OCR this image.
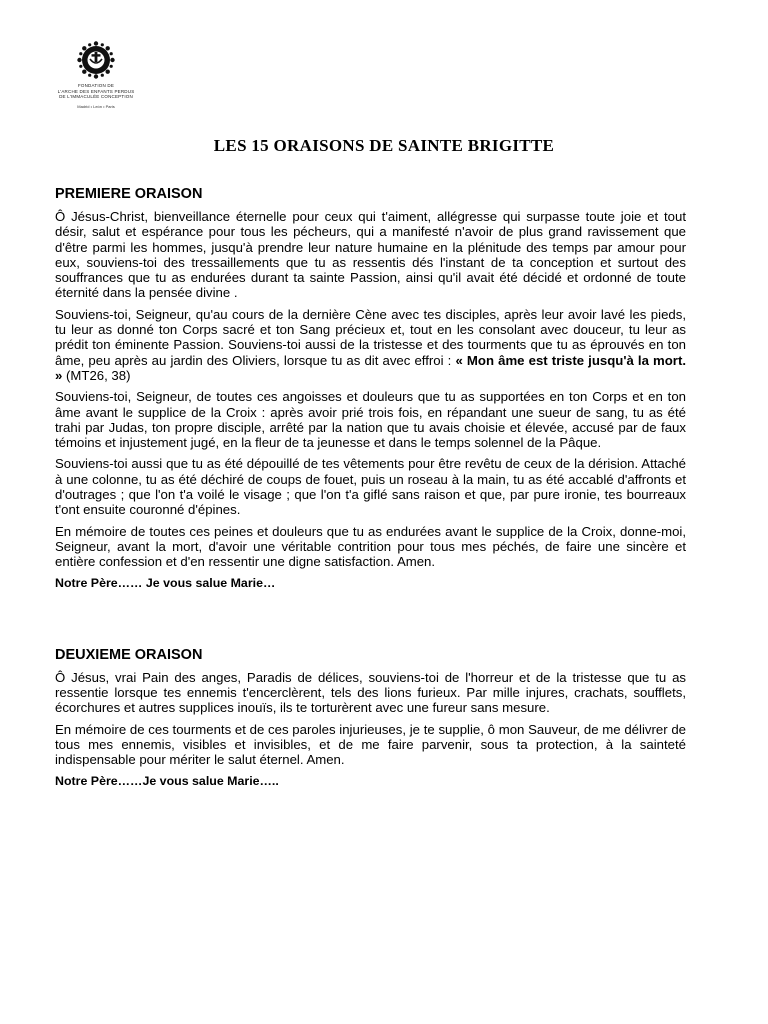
FONDATION DE
L'ARCHE DES ENFANTS PERDUS
DE L'IMMACULÉE CONCEPTION
Madrid • León • Paris
LES 15 ORAISONS DE SAINTE BRIGITTE
PREMIERE ORAISON

Ô Jésus-Christ, bienveillance éternelle pour ceux qui t'aiment, allégresse qui surpasse toute joie et tout désir, salut et espérance pour tous les pécheurs, qui a manifesté n'avoir de plus grand ravissement que d'être parmi les hommes, jusqu'à prendre leur nature humaine en la plénitude des temps par amour pour eux, souviens-toi des tressaillements que tu as ressentis dés l'instant de ta conception et surtout des souffrances que tu as endurées durant ta sainte Passion, ainsi qu'il avait été décidé et ordonné de toute éternité dans la pensée divine .

Souviens-toi, Seigneur, qu'au cours de la dernière Cène avec tes disciples, après leur avoir lavé les pieds, tu leur as donné ton Corps sacré et ton Sang précieux et, tout en les consolant avec douceur, tu leur as prédit ton éminente Passion. Souviens-toi aussi de la tristesse et des tourments que tu as éprouvés en ton âme, peu après au jardin des Oliviers, lorsque tu as dit avec effroi : « Mon âme est triste jusqu'à la mort. » (MT26, 38)

Souviens-toi, Seigneur, de toutes ces angoisses et douleurs que tu as supportées en ton Corps et en ton âme avant le supplice de la Croix : après avoir prié trois fois, en répandant une sueur de sang, tu as été trahi par Judas, ton propre disciple, arrêté par la nation que tu avais choisie et élevée, accusé par de faux témoins et injustement jugé, en la fleur de ta jeunesse et dans le temps solennel de la Pâque.

Souviens-toi aussi que tu as été dépouillé de tes vêtements pour être revêtu de ceux de la dérision. Attaché à une colonne, tu as été déchiré de coups de fouet, puis un roseau à la main, tu as été accablé d'affronts et d'outrages ; que l'on t'a voilé le visage ; que l'on t'a giflé sans raison et que, par pure ironie, tes bourreaux t'ont ensuite couronné d'épines.

En mémoire de toutes ces peines et douleurs que tu as endurées avant le supplice de la Croix, donne-moi, Seigneur, avant la mort, d'avoir une véritable contrition pour tous mes péchés, de faire une sincère et entière confession et d'en ressentir une digne satisfaction. Amen.

Notre Père…… Je vous salue Marie…

DEUXIEME ORAISON

Ô Jésus, vrai Pain des anges, Paradis de délices, souviens-toi de l'horreur et de la tristesse que tu as ressentie lorsque tes ennemis t'encerclèrent, tels des lions furieux. Par mille injures, crachats, soufflets, écorchures et autres supplices inouïs, ils te torturèrent avec une fureur sans mesure.

En mémoire de ces tourments et de ces paroles injurieuses, je te supplie, ô mon Sauveur, de me délivrer de tous mes ennemis, visibles et invisibles, et de me faire parvenir, sous ta protection, à la sainteté indispensable pour mériter le salut éternel. Amen.

Notre Père……Je vous salue Marie…..
